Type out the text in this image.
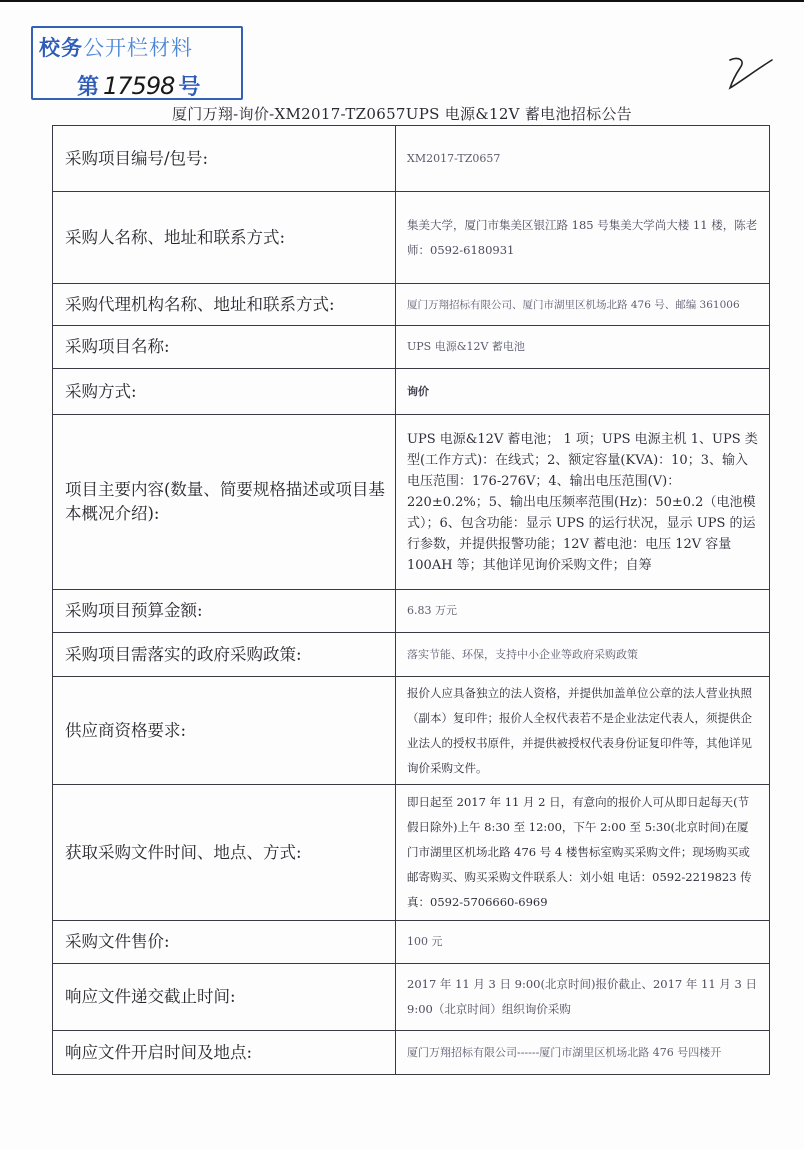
校务公开栏材料
第 17598 号
厦门万翔-询价-XM2017-TZ0657UPS 电源&12V 蓄电池招标公告
采购项目编号/包号:	XM2017-TZ0657
采购人名称、地址和联系方式:	集美大学，厦门市集美区银江路 185 号集美大学尚大楼 11 楼，陈老师：0592-6180931
采购代理机构名称、地址和联系方式:	厦门万翔招标有限公司、厦门市湖里区机场北路 476 号、邮编 361006
采购项目名称:	UPS 电源&12V 蓄电池
采购方式:	询价
项目主要内容(数量、简要规格描述或项目基本概况介绍):	UPS 电源&12V 蓄电池； 1 项；UPS 电源主机 1、UPS 类型(工作方式)：在线式；2、额定容量(KVA)：10；3、输入电压范围：176-276V；4、输出电压范围(V)：220±0.2%；5、输出电压频率范围(Hz)：50±0.2（电池模式）；6、包含功能：显示 UPS 的运行状况，显示 UPS 的运行参数，并提供报警功能；12V 蓄电池：电压 12V 容量 100AH 等；其他详见询价采购文件；自筹
采购项目预算金额:	6.83 万元
采购项目需落实的政府采购政策:	落实节能、环保，支持中小企业等政府采购政策
供应商资格要求:	报价人应具备独立的法人资格，并提供加盖单位公章的法人营业执照（副本）复印件；报价人全权代表若不是企业法定代表人，须提供企业法人的授权书原件，并提供被授权代表身份证复印件等，其他详见询价采购文件。
获取采购文件时间、地点、方式:	即日起至 2017 年 11 月 2 日，有意向的报价人可从即日起每天(节假日除外)上午 8:30 至 12:00，下午 2:00 至 5:30(北京时间)在厦门市湖里区机场北路 476 号 4 楼售标室购买采购文件；现场购买或邮寄购买、购买采购文件联系人：刘小姐 电话：0592-2219823 传真：0592-5706660-6969
采购文件售价:	100 元
响应文件递交截止时间:	2017 年 11 月 3 日 9:00(北京时间)报价截止、2017 年 11 月 3 日 9:00（北京时间）组织询价采购
响应文件开启时间及地点:	厦门万翔招标有限公司------厦门市湖里区机场北路 476 号四楼开
